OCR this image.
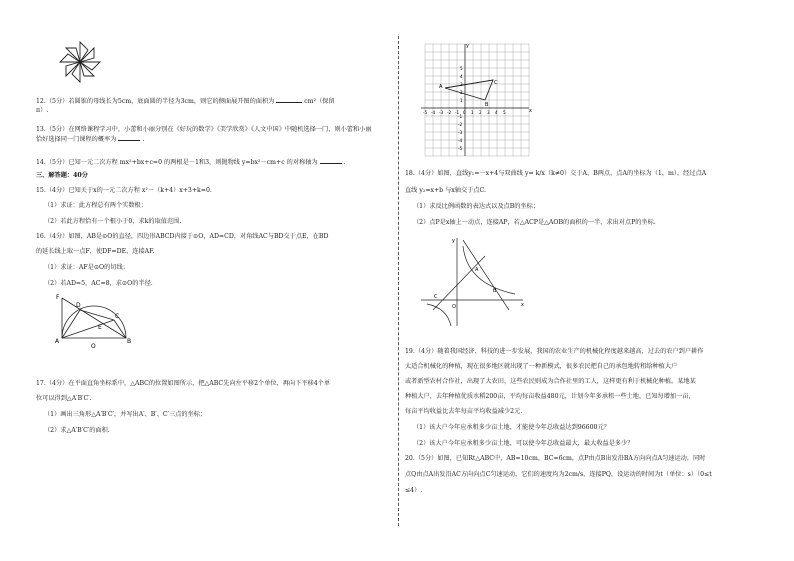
12.（5分）若圆锥的母线长为5cm，底面圆的半径为3cm，则它的侧面展开图的面积为	cm²（保留
π）.
13.（5分）在网络课程学习中，小蕾和小丽分别在《好玩的数学》《美学欣赏》《人文中国》中随机选择一门，则小蕾和小丽恰好选择同一门课程的概率为	.
14.（5分）已知一元二次方程 mx²+bx+c=0 的两根是－1和3，则抛物线 y=bx²－cm+c 的对称轴为	.
三、解答题：40分
15.（4分）已知关于x的一元二次方程 x²－（k+4）x+3+k=0.
（1）求证：此方程总有两个实数根；
（2）若此方程恰有一个根小于0，求k的取值范围.
16.（4分）如图，AB是⊙O的直径，四边形ABCD内接于⊙O，AD=CD，对角线AC与BD交于点E，在BD
的延长线上取一点F，使DF=DE，连接AF.
（1）求证：AF是⊙O的切线；
（2）若AD=5，AC=8，求⊙O的半径.
F
D
C
E
A
O
B
17.（4分）在平面直角坐标系中，△ABC的位置如图所示，把△ABC先向左平移2个单位，再向下平移4个单
位可以得到△A′B′C′.
（1）画出三角形△A′B′C′，并写出A′、B′、C′三点的坐标；
（2）求△A′B′C′的面积.
y
x
A
B
C
-5 -4 -3 -2 -1 0 1 2 3 4 5
5
4
3
2
1
-1
-2
-3
-4
-5
18.（4分）如图，直线y₁=－x+4与双曲线 y= k/x（k≠0）交于A、B两点，点A的坐标为（1，m），经过点A
直线 y₂=x+b 与x轴交于点C.
（1）求反比例函数的表达式以及点B的坐标；
（2）点P是x轴上一动点，连接AP，若△ACP是△AOB的面积的一半，求出对点P的坐标.
y
x
A
B
C
O
19.（4分）随着我国经济、科技的进一步发展，我国的农业生产的机械化程度越来越高，过去的农户到户耕作
太适合机械化的种植，现在很多地区就出现了一种新模式，很多农民把自己的承包地转租给种植大户
或者新型农村合作社，出现了大农田，这些农民则成为合作社里的工人，这样更有利于机械化种植。某地某
种植大户，去年种植优质水稻200亩，平均每亩收益480元，计划今年多承租一些土地，已知每增加一亩，
每亩平均收益比去年每亩平均收益减少2元.
（1）该大户今年应承租多少亩土地，才能使今年总收益达到96600元？
（2）该大户今年应承租多少亩土地，可以使今年总收益最大，最大收益是多少？
20.（5分）如图，已知Rt△ABC中，AB=10cm，BC=6cm，点P由点B出发沿BA方向向点A匀速运动，同时
点Q由点A出发沿AC方向向点C匀速运动，它们的速度均为2cm/s，连接PQ，设运动的时间为t（单位：s）（0≤t
≤4）.
